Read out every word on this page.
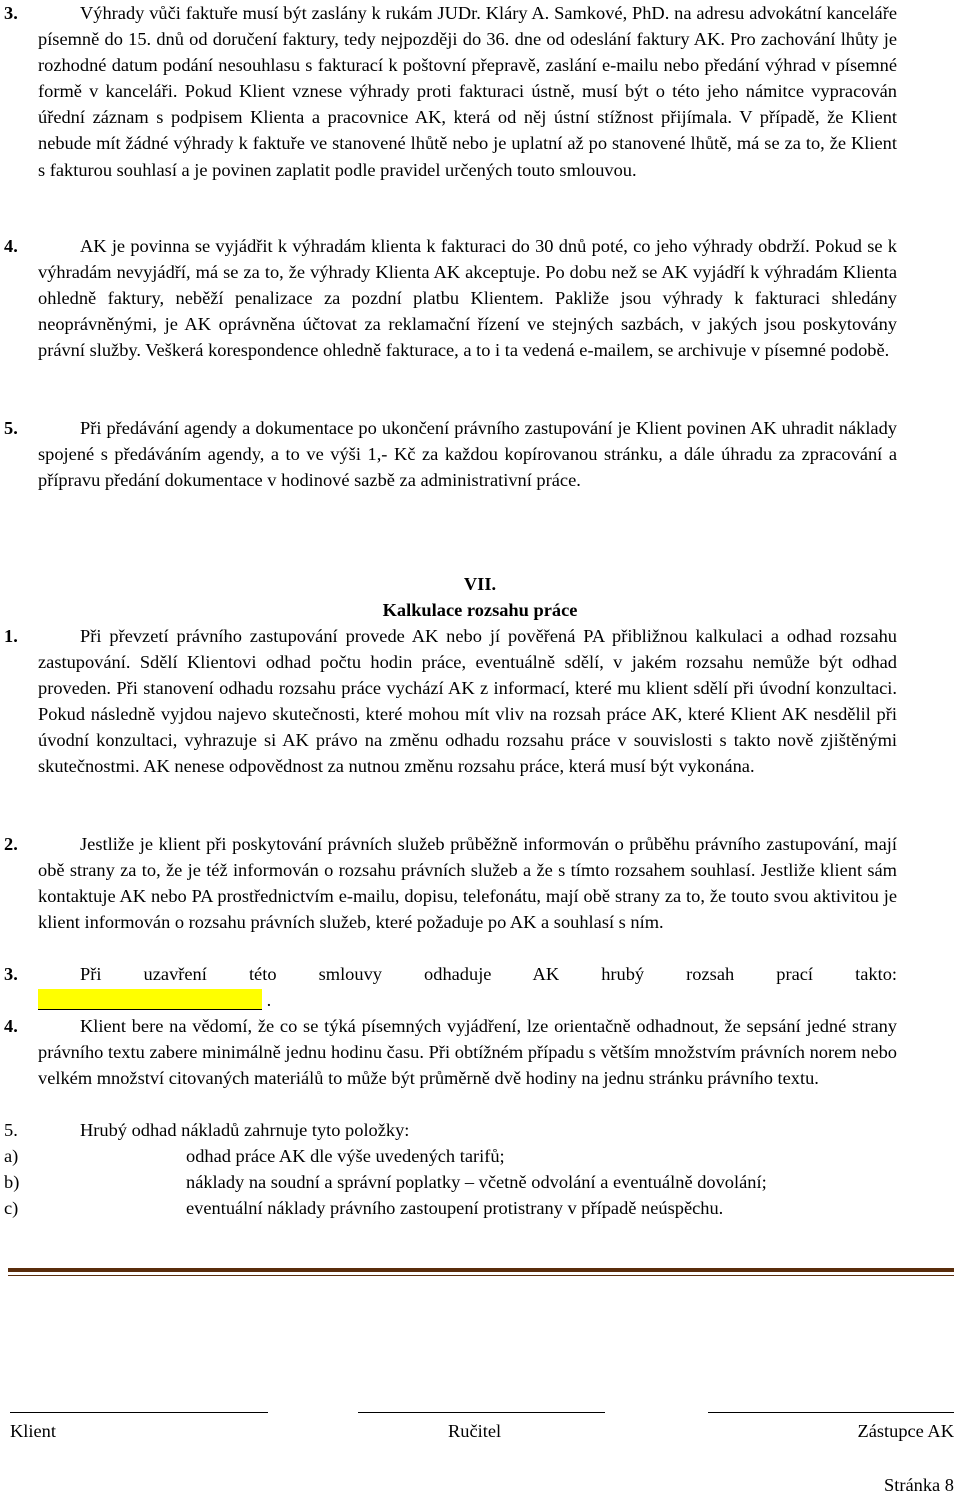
3.	Výhrady vůči faktuře musí být zaslány k rukám JUDr. Kláry A. Samkové, PhD. na adresu advokátní kanceláře písemně do 15. dnů od doručení faktury, tedy nejpozději do 36. dne od odeslání faktury AK. Pro zachování lhůty je rozhodné datum podání nesouhlasu s fakturací k poštovní přepravě, zaslání e-mailu nebo předání výhrad v písemné formě v kanceláři. Pokud Klient vznese výhrady proti fakturaci ústně, musí být o této jeho námitce vypracován úřední záznam s podpisem Klienta a pracovnice AK, která od něj ústní stížnost přijímala. V případě, že Klient nebude mít žádné výhrady k faktuře ve stanovené lhůtě nebo je uplatní až po stanovené lhůtě, má se za to, že Klient s fakturou souhlasí a je povinen zaplatit podle pravidel určených touto smlouvou.
4.	AK je povinna se vyjádřit k výhradám klienta k fakturaci do 30 dnů poté, co jeho výhrady obdrží. Pokud se k výhradám nevyjádří, má se za to, že výhrady Klienta AK akceptuje. Po dobu než se AK vyjádří k výhradám Klienta ohledně faktury, neběží penalizace za pozdní platbu Klientem. Pakliže jsou výhrady k fakturaci shledány neoprávněnými, je AK oprávněna účtovat za reklamační řízení ve stejných sazbách, v jakých jsou poskytovány právní služby. Veškerá korespondence ohledně fakturace, a to i ta vedená e-mailem, se archivuje v písemné podobě.
5.	Při předávání agendy a dokumentace po ukončení právního zastupování je Klient povinen AK uhradit náklady spojené s předáváním agendy, a to ve výši 1,- Kč za každou kopírovanou stránku, a dále úhradu za zpracování a přípravu předání dokumentace v hodinové sazbě za administrativní práce.
VII.
Kalkulace rozsahu práce
1.	Při převzetí právního zastupování provede AK nebo jí pověřená PA přibližnou kalkulaci a odhad rozsahu zastupování. Sdělí Klientovi odhad počtu hodin práce, eventuálně sdělí, v jakém rozsahu nemůže být odhad proveden. Při stanovení odhadu rozsahu práce vychází AK z informací, které mu klient sdělí při úvodní konzultaci. Pokud následně vyjdou najevo skutečnosti, které mohou mít vliv na rozsah práce AK, které Klient AK nesdělil při úvodní konzultaci, vyhrazuje si AK právo na změnu odhadu rozsahu práce v souvislosti s takto nově zjištěnými skutečnostmi. AK nenese odpovědnost za nutnou změnu rozsahu práce, která musí být vykonána.
2.	Jestliže je klient při poskytování právních služeb průběžně informován o průběhu právního zastupování, mají obě strany za to, že je též informován o rozsahu právních služeb a že s tímto rozsahem souhlasí. Jestliže klient sám kontaktuje AK nebo PA prostřednictvím e-mailu, dopisu, telefonátu, mají obě strany za to, že touto svou aktivitou je klient informován o rozsahu právních služeb, které požaduje po AK a souhlasí s ním.
3.	Při uzavření této smlouvy odhaduje AK hrubý rozsah prací takto:
.
4.	Klient bere na vědomí, že co se týká písemných vyjádření, lze orientačně odhadnout, že sepsání jedné strany právního textu zabere minimálně jednu hodinu času. Při obtížném případu s větším množstvím právních norem nebo velkém množství citovaných materiálů to může být průměrně dvě hodiny na jednu stránku právního textu.
5.	Hrubý odhad nákladů zahrnuje tyto položky:
a)	odhad práce AK dle výše uvedených tarifů;
b)	náklady na soudní a správní poplatky – včetně odvolání a eventuálně dovolání;
c)	eventuální náklady právního zastoupení protistrany v případě neúspěchu.
Klient	Ručitel	Zástupce AK
Stránka 8
